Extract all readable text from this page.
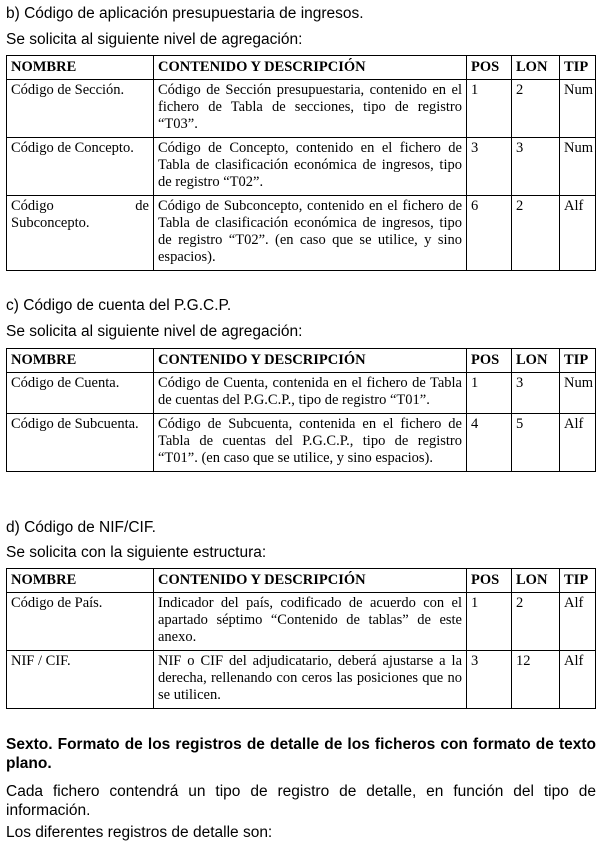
b) Código de aplicación presupuestaria de ingresos.

Se solicita al siguiente nivel de agregación:

NOMBRE	CONTENIDO Y DESCRIPCIÓN	POS	LON	TIP
Código de Sección.	Código de Sección presupuestaria, contenido en el fichero de Tabla de secciones, tipo de registro “T03”.	1	2	Num
Código de Concepto.	Código de Concepto, contenido en el fichero de Tabla de clasificación económica de ingresos, tipo de registro “T02”.	3	3	Num
Código de Subconcepto.	Código de Subconcepto, contenido en el fichero de Tabla de clasificación económica de ingresos, tipo de registro “T02”. (en caso que se utilice, y sino espacios).	6	2	Alf

c) Código de cuenta del P.G.C.P.

Se solicita al siguiente nivel de agregación:

NOMBRE	CONTENIDO Y DESCRIPCIÓN	POS	LON	TIP
Código de Cuenta.	Código de Cuenta, contenida en el fichero de Tabla de cuentas del P.G.C.P., tipo de registro “T01”.	1	3	Num
Código de Subcuenta.	Código de Subcuenta, contenida en el fichero de Tabla de cuentas del P.G.C.P., tipo de registro “T01”. (en caso que se utilice, y sino espacios).	4	5	Alf

d) Código de NIF/CIF.

Se solicita con la siguiente estructura:

NOMBRE	CONTENIDO Y DESCRIPCIÓN	POS	LON	TIP
Código de País.	Indicador del país, codificado de acuerdo con el apartado séptimo “Contenido de tablas” de este anexo.	1	2	Alf
NIF / CIF.	NIF o CIF del adjudicatario, deberá ajustarse a la derecha, rellenando con ceros las posiciones que no se utilicen.	3	12	Alf

Sexto. Formato de los registros de detalle de los ficheros con formato de texto plano.

Cada fichero contendrá un tipo de registro de detalle, en función del tipo de información.

Los diferentes registros de detalle son:
